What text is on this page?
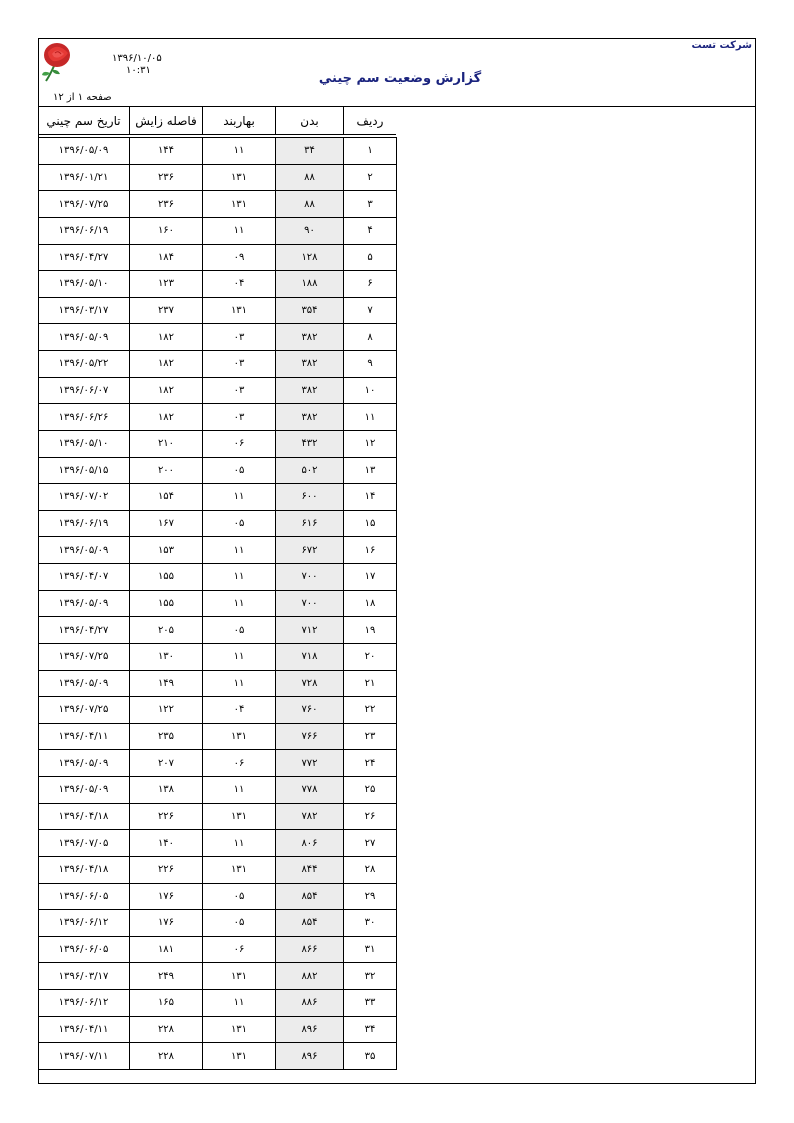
شرکت تست
گزارش وضعيت سم چيني
۱۳۹۶/۱۰/۰۵
۱۰:۳۱
صفحه ۱ از ۱۲
رديف	بدن	بهاربند	فاصله زايش	تاريخ سم چيني
۱	۳۴	۱۱	۱۴۴	۱۳۹۶/۰۵/۰۹
۲	۸۸	۱۳۱	۲۳۶	۱۳۹۶/۰۱/۲۱
۳	۸۸	۱۳۱	۲۳۶	۱۳۹۶/۰۷/۲۵
۴	۹۰	۱۱	۱۶۰	۱۳۹۶/۰۶/۱۹
۵	۱۲۸	۰۹	۱۸۴	۱۳۹۶/۰۴/۲۷
۶	۱۸۸	۰۴	۱۲۳	۱۳۹۶/۰۵/۱۰
۷	۳۵۴	۱۳۱	۲۳۷	۱۳۹۶/۰۳/۱۷
۸	۳۸۲	۰۳	۱۸۲	۱۳۹۶/۰۵/۰۹
۹	۳۸۲	۰۳	۱۸۲	۱۳۹۶/۰۵/۲۲
۱۰	۳۸۲	۰۳	۱۸۲	۱۳۹۶/۰۶/۰۷
۱۱	۳۸۲	۰۳	۱۸۲	۱۳۹۶/۰۶/۲۶
۱۲	۴۳۲	۰۶	۲۱۰	۱۳۹۶/۰۵/۱۰
۱۳	۵۰۲	۰۵	۲۰۰	۱۳۹۶/۰۵/۱۵
۱۴	۶۰۰	۱۱	۱۵۴	۱۳۹۶/۰۷/۰۲
۱۵	۶۱۶	۰۵	۱۶۷	۱۳۹۶/۰۶/۱۹
۱۶	۶۷۲	۱۱	۱۵۳	۱۳۹۶/۰۵/۰۹
۱۷	۷۰۰	۱۱	۱۵۵	۱۳۹۶/۰۴/۰۷
۱۸	۷۰۰	۱۱	۱۵۵	۱۳۹۶/۰۵/۰۹
۱۹	۷۱۲	۰۵	۲۰۵	۱۳۹۶/۰۴/۲۷
۲۰	۷۱۸	۱۱	۱۳۰	۱۳۹۶/۰۷/۲۵
۲۱	۷۲۸	۱۱	۱۴۹	۱۳۹۶/۰۵/۰۹
۲۲	۷۶۰	۰۴	۱۲۲	۱۳۹۶/۰۷/۲۵
۲۳	۷۶۶	۱۳۱	۲۳۵	۱۳۹۶/۰۴/۱۱
۲۴	۷۷۲	۰۶	۲۰۷	۱۳۹۶/۰۵/۰۹
۲۵	۷۷۸	۱۱	۱۳۸	۱۳۹۶/۰۵/۰۹
۲۶	۷۸۲	۱۳۱	۲۲۶	۱۳۹۶/۰۴/۱۸
۲۷	۸۰۶	۱۱	۱۴۰	۱۳۹۶/۰۷/۰۵
۲۸	۸۴۴	۱۳۱	۲۲۶	۱۳۹۶/۰۴/۱۸
۲۹	۸۵۴	۰۵	۱۷۶	۱۳۹۶/۰۶/۰۵
۳۰	۸۵۴	۰۵	۱۷۶	۱۳۹۶/۰۶/۱۲
۳۱	۸۶۶	۰۶	۱۸۱	۱۳۹۶/۰۶/۰۵
۳۲	۸۸۲	۱۳۱	۲۴۹	۱۳۹۶/۰۳/۱۷
۳۳	۸۸۶	۱۱	۱۶۵	۱۳۹۶/۰۶/۱۲
۳۴	۸۹۶	۱۳۱	۲۲۸	۱۳۹۶/۰۴/۱۱
۳۵	۸۹۶	۱۳۱	۲۲۸	۱۳۹۶/۰۷/۱۱
